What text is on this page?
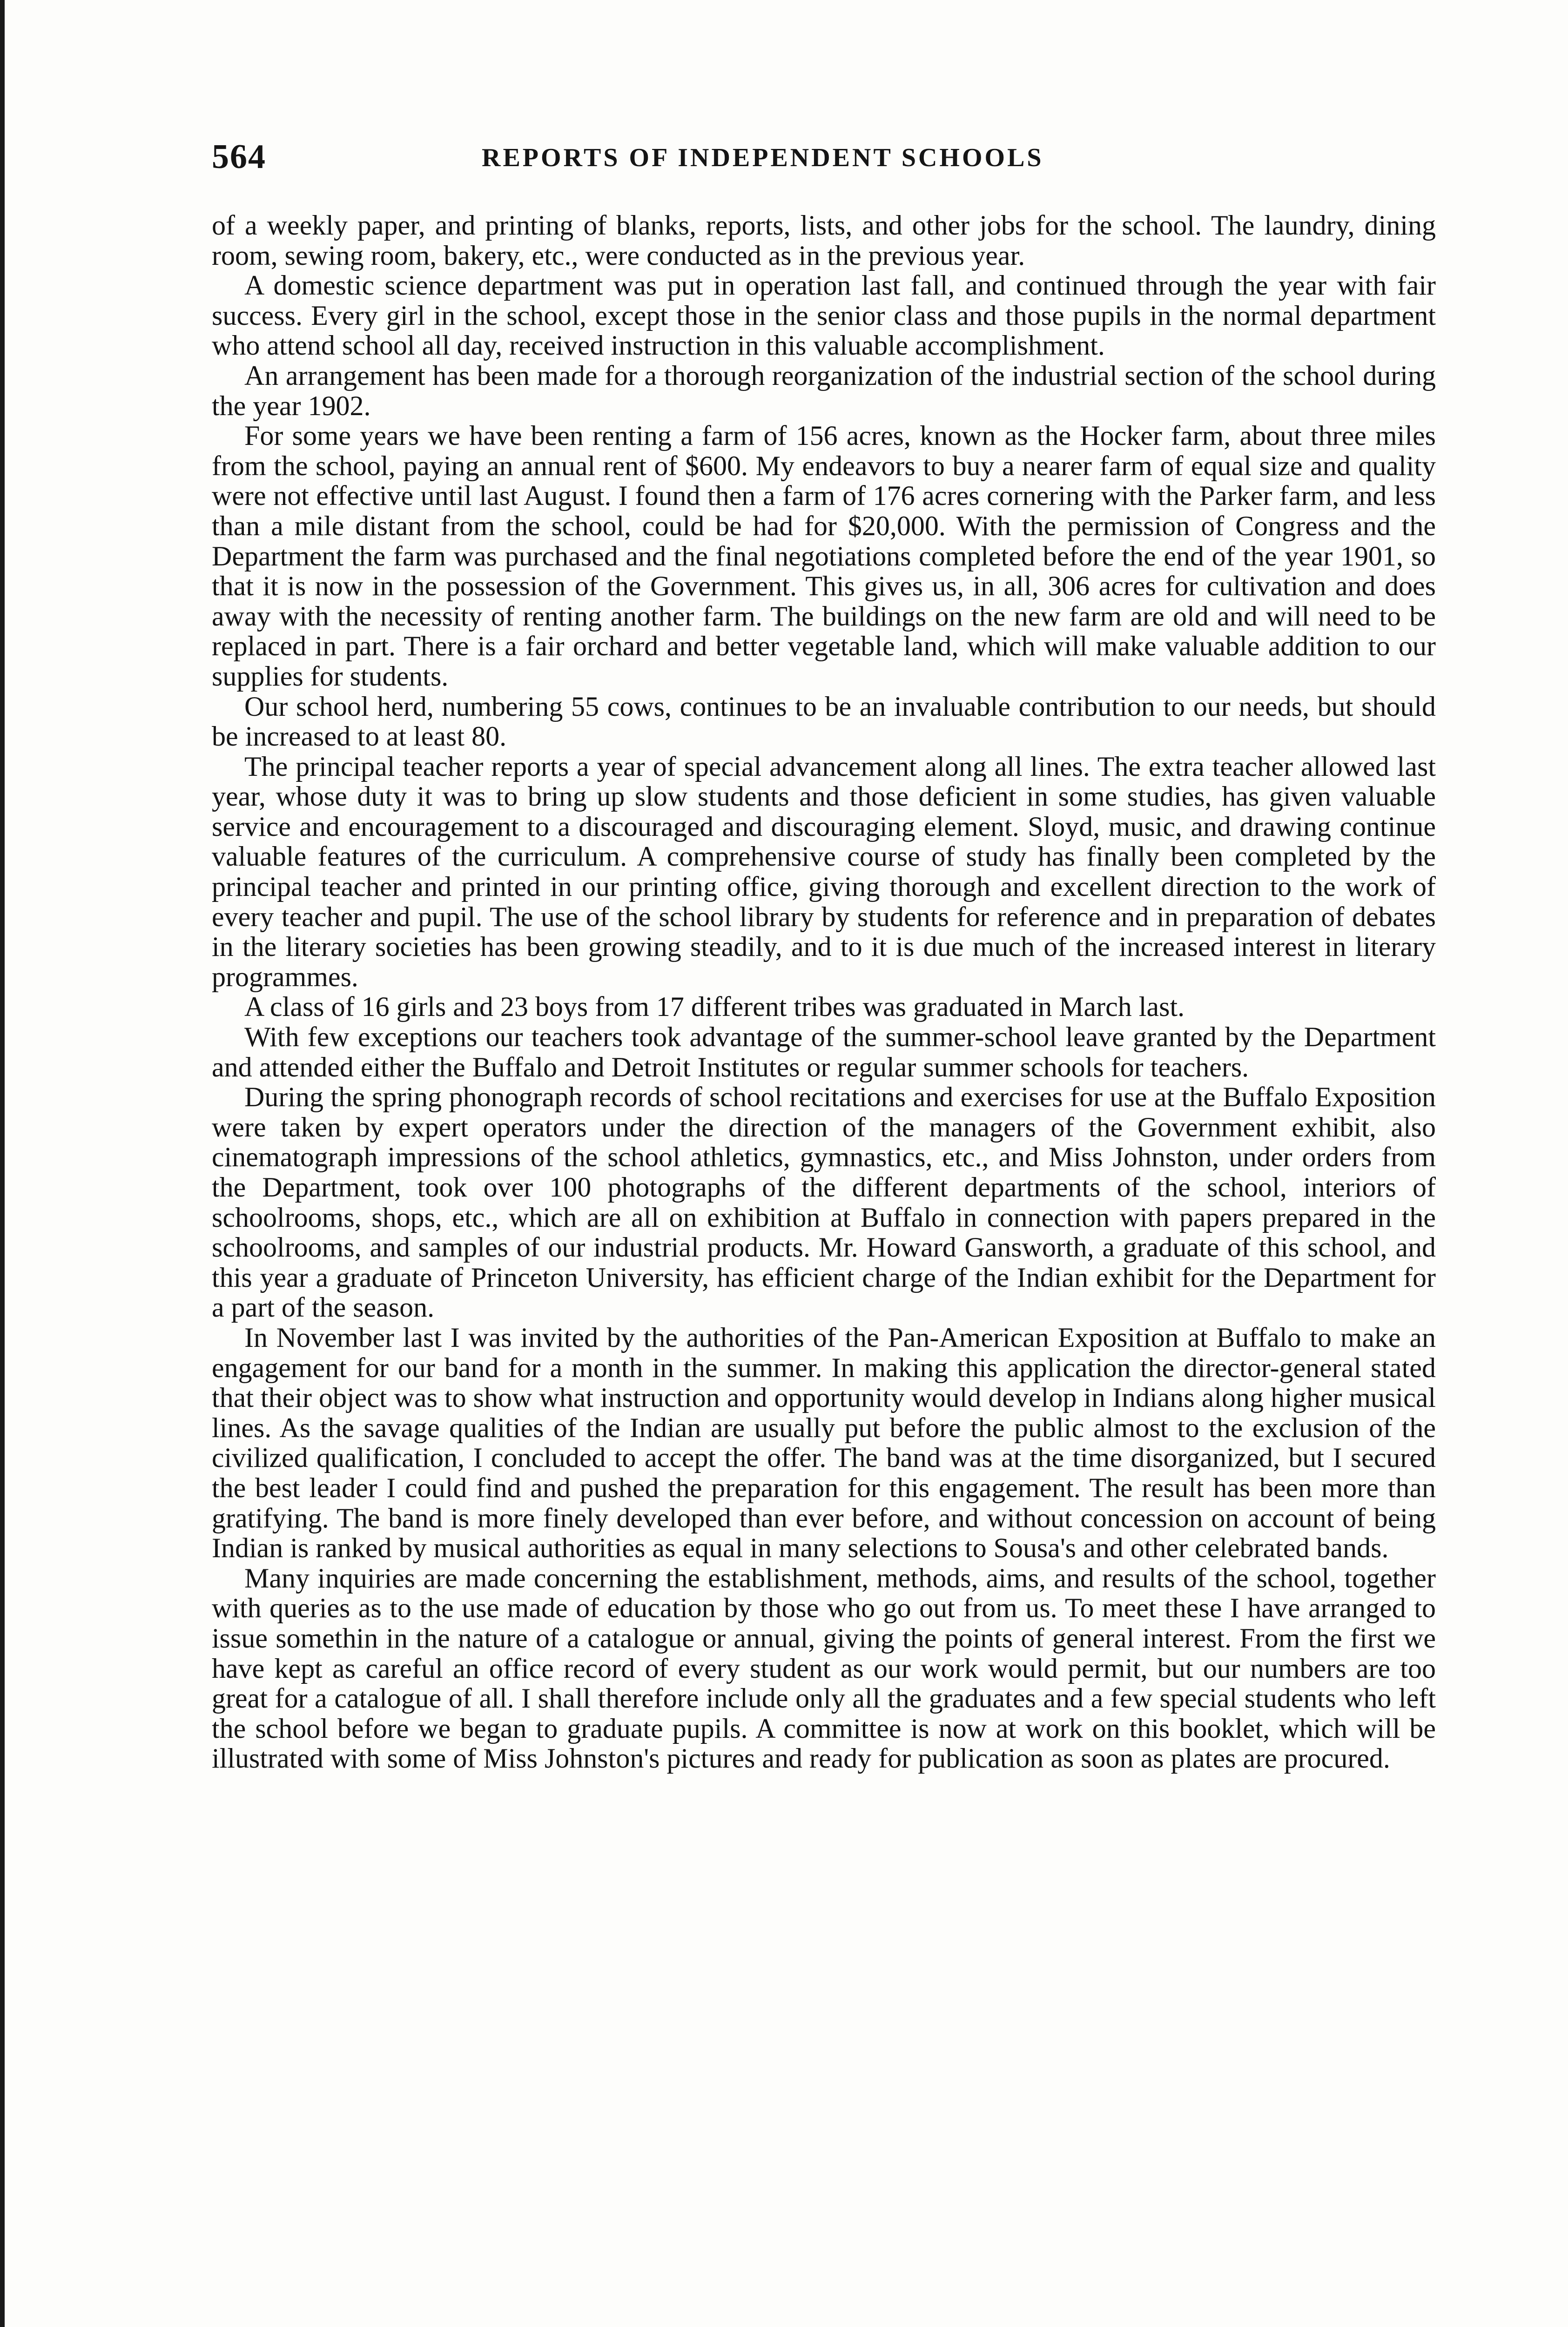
564	REPORTS OF INDEPENDENT SCHOOLS

of a weekly paper, and printing of blanks, reports, lists, and other jobs for the school. The laundry, dining room, sewing room, bakery, etc., were conducted as in the previous year.

A domestic science department was put in operation last fall, and continued through the year with fair success. Every girl in the school, except those in the senior class and those pupils in the normal department who attend school all day, received instruction in this valuable accomplishment.

An arrangement has been made for a thorough reorganization of the industrial section of the school during the year 1902.

For some years we have been renting a farm of 156 acres, known as the Hocker farm, about three miles from the school, paying an annual rent of $600. My endeavors to buy a nearer farm of equal size and quality were not effective until last August. I found then a farm of 176 acres cornering with the Parker farm, and less than a mile distant from the school, could be had for $20,000. With the permission of Congress and the Department the farm was purchased and the final negotiations completed before the end of the year 1901, so that it is now in the possession of the Government. This gives us, in all, 306 acres for cultivation and does away with the necessity of renting another farm. The buildings on the new farm are old and will need to be replaced in part. There is a fair orchard and better vegetable land, which will make valuable addition to our supplies for students.

Our school herd, numbering 55 cows, continues to be an invaluable contribution to our needs, but should be increased to at least 80.

The principal teacher reports a year of special advancement along all lines. The extra teacher allowed last year, whose duty it was to bring up slow students and those deficient in some studies, has given valuable service and encouragement to a discouraged and discouraging element. Sloyd, music, and drawing continue valuable features of the curriculum. A comprehensive course of study has finally been completed by the principal teacher and printed in our printing office, giving thorough and excellent direction to the work of every teacher and pupil. The use of the school library by students for reference and in preparation of debates in the literary societies has been growing steadily, and to it is due much of the increased interest in literary programmes.

A class of 16 girls and 23 boys from 17 different tribes was graduated in March last.

With few exceptions our teachers took advantage of the summer-school leave granted by the Department and attended either the Buffalo and Detroit Institutes or regular summer schools for teachers.

During the spring phonograph records of school recitations and exercises for use at the Buffalo Exposition were taken by expert operators under the direction of the managers of the Government exhibit, also cinematograph impressions of the school athletics, gymnastics, etc., and Miss Johnston, under orders from the Department, took over 100 photographs of the different departments of the school, interiors of schoolrooms, shops, etc., which are all on exhibition at Buffalo in connection with papers prepared in the schoolrooms, and samples of our industrial products. Mr. Howard Gansworth, a graduate of this school, and this year a graduate of Princeton University, has efficient charge of the Indian exhibit for the Department for a part of the season.

In November last I was invited by the authorities of the Pan-American Exposition at Buffalo to make an engagement for our band for a month in the summer. In making this application the director-general stated that their object was to show what instruction and opportunity would develop in Indians along higher musical lines. As the savage qualities of the Indian are usually put before the public almost to the exclusion of the civilized qualification, I concluded to accept the offer. The band was at the time disorganized, but I secured the best leader I could find and pushed the preparation for this engagement. The result has been more than gratifying. The band is more finely developed than ever before, and without concession on account of being Indian is ranked by musical authorities as equal in many selections to Sousa's and other celebrated bands.

Many inquiries are made concerning the establishment, methods, aims, and results of the school, together with queries as to the use made of education by those who go out from us. To meet these I have arranged to issue somethin in the nature of a catalogue or annual, giving the points of general interest. From the first we have kept as careful an office record of every student as our work would permit, but our numbers are too great for a catalogue of all. I shall therefore include only all the graduates and a few special students who left the school before we began to graduate pupils. A committee is now at work on this booklet, which will be illustrated with some of Miss Johnston's pictures and ready for publication as soon as plates are procured.
